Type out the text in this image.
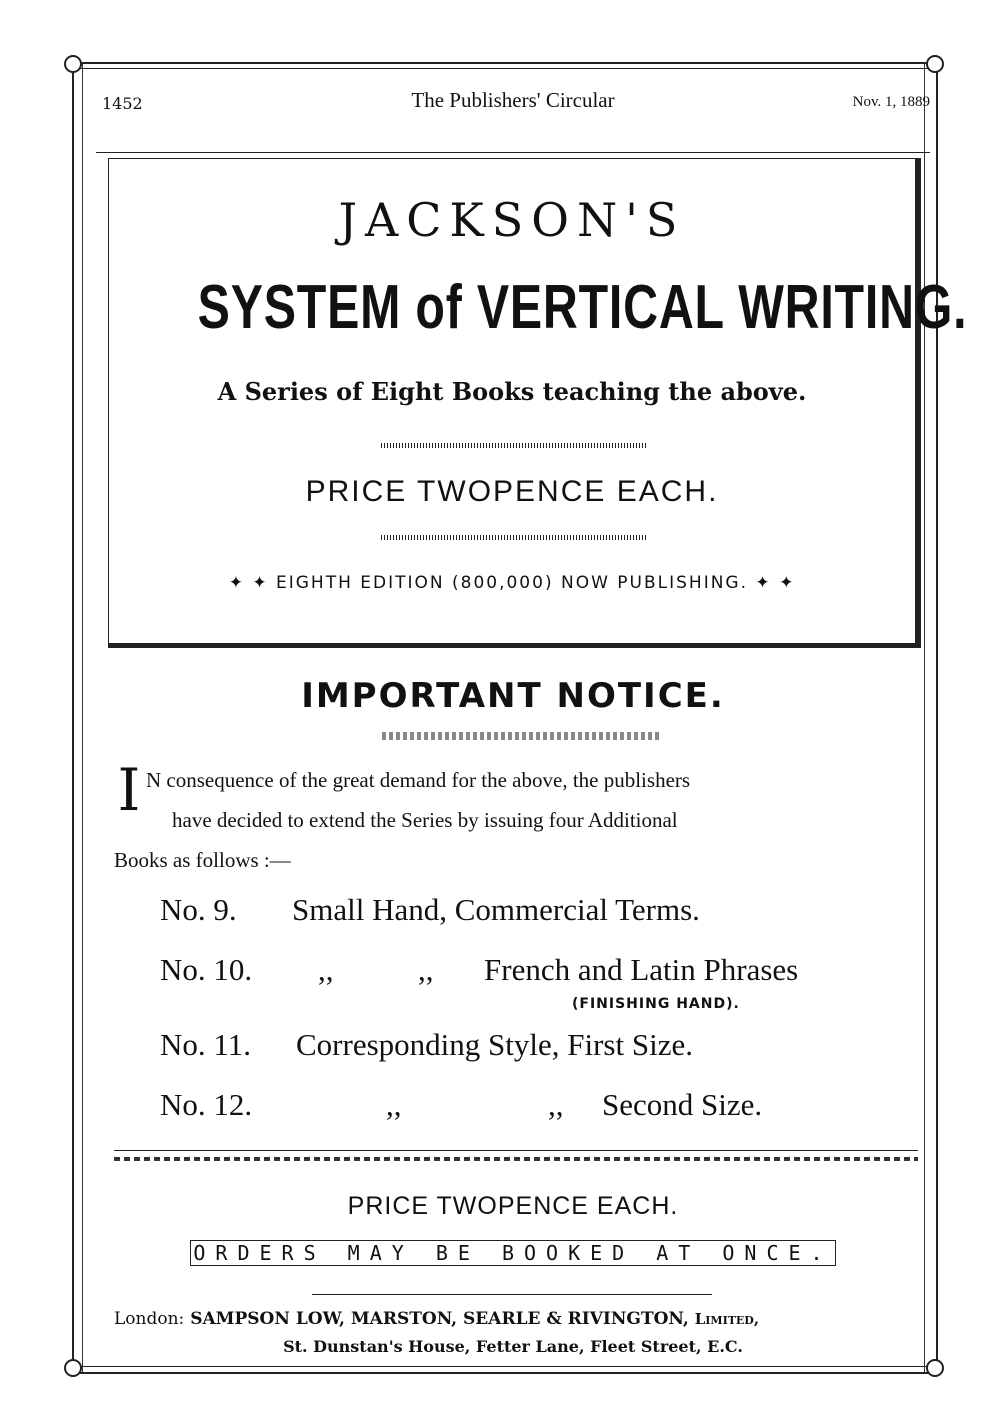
1452	The Publishers' Circular	Nov. 1, 1889
JACKSON'S
SYSTEM of VERTICAL WRITING.
A Series of Eight Books teaching the above.
PRICE TWOPENCE EACH.
✦ ✦ EIGHTH EDITION (800,000) NOW PUBLISHING. ✦ ✦
IMPORTANT NOTICE.
I N consequence of the great demand for the above, the publishers
have decided to extend the Series by issuing four Additional
Books as follows :—
No. 9. Small Hand, Commercial Terms.
No. 10. ,,	,, French and Latin Phrases
(FINISHING HAND).
No. 11. Corresponding Style, First Size.
No. 12.	,,	,, Second Size.
PRICE TWOPENCE EACH.
ORDERS MAY BE BOOKED AT ONCE.
London: SAMPSON LOW, MARSTON, SEARLE & RIVINGTON, Limited,
St. Dunstan's House, Fetter Lane, Fleet Street, E.C.
